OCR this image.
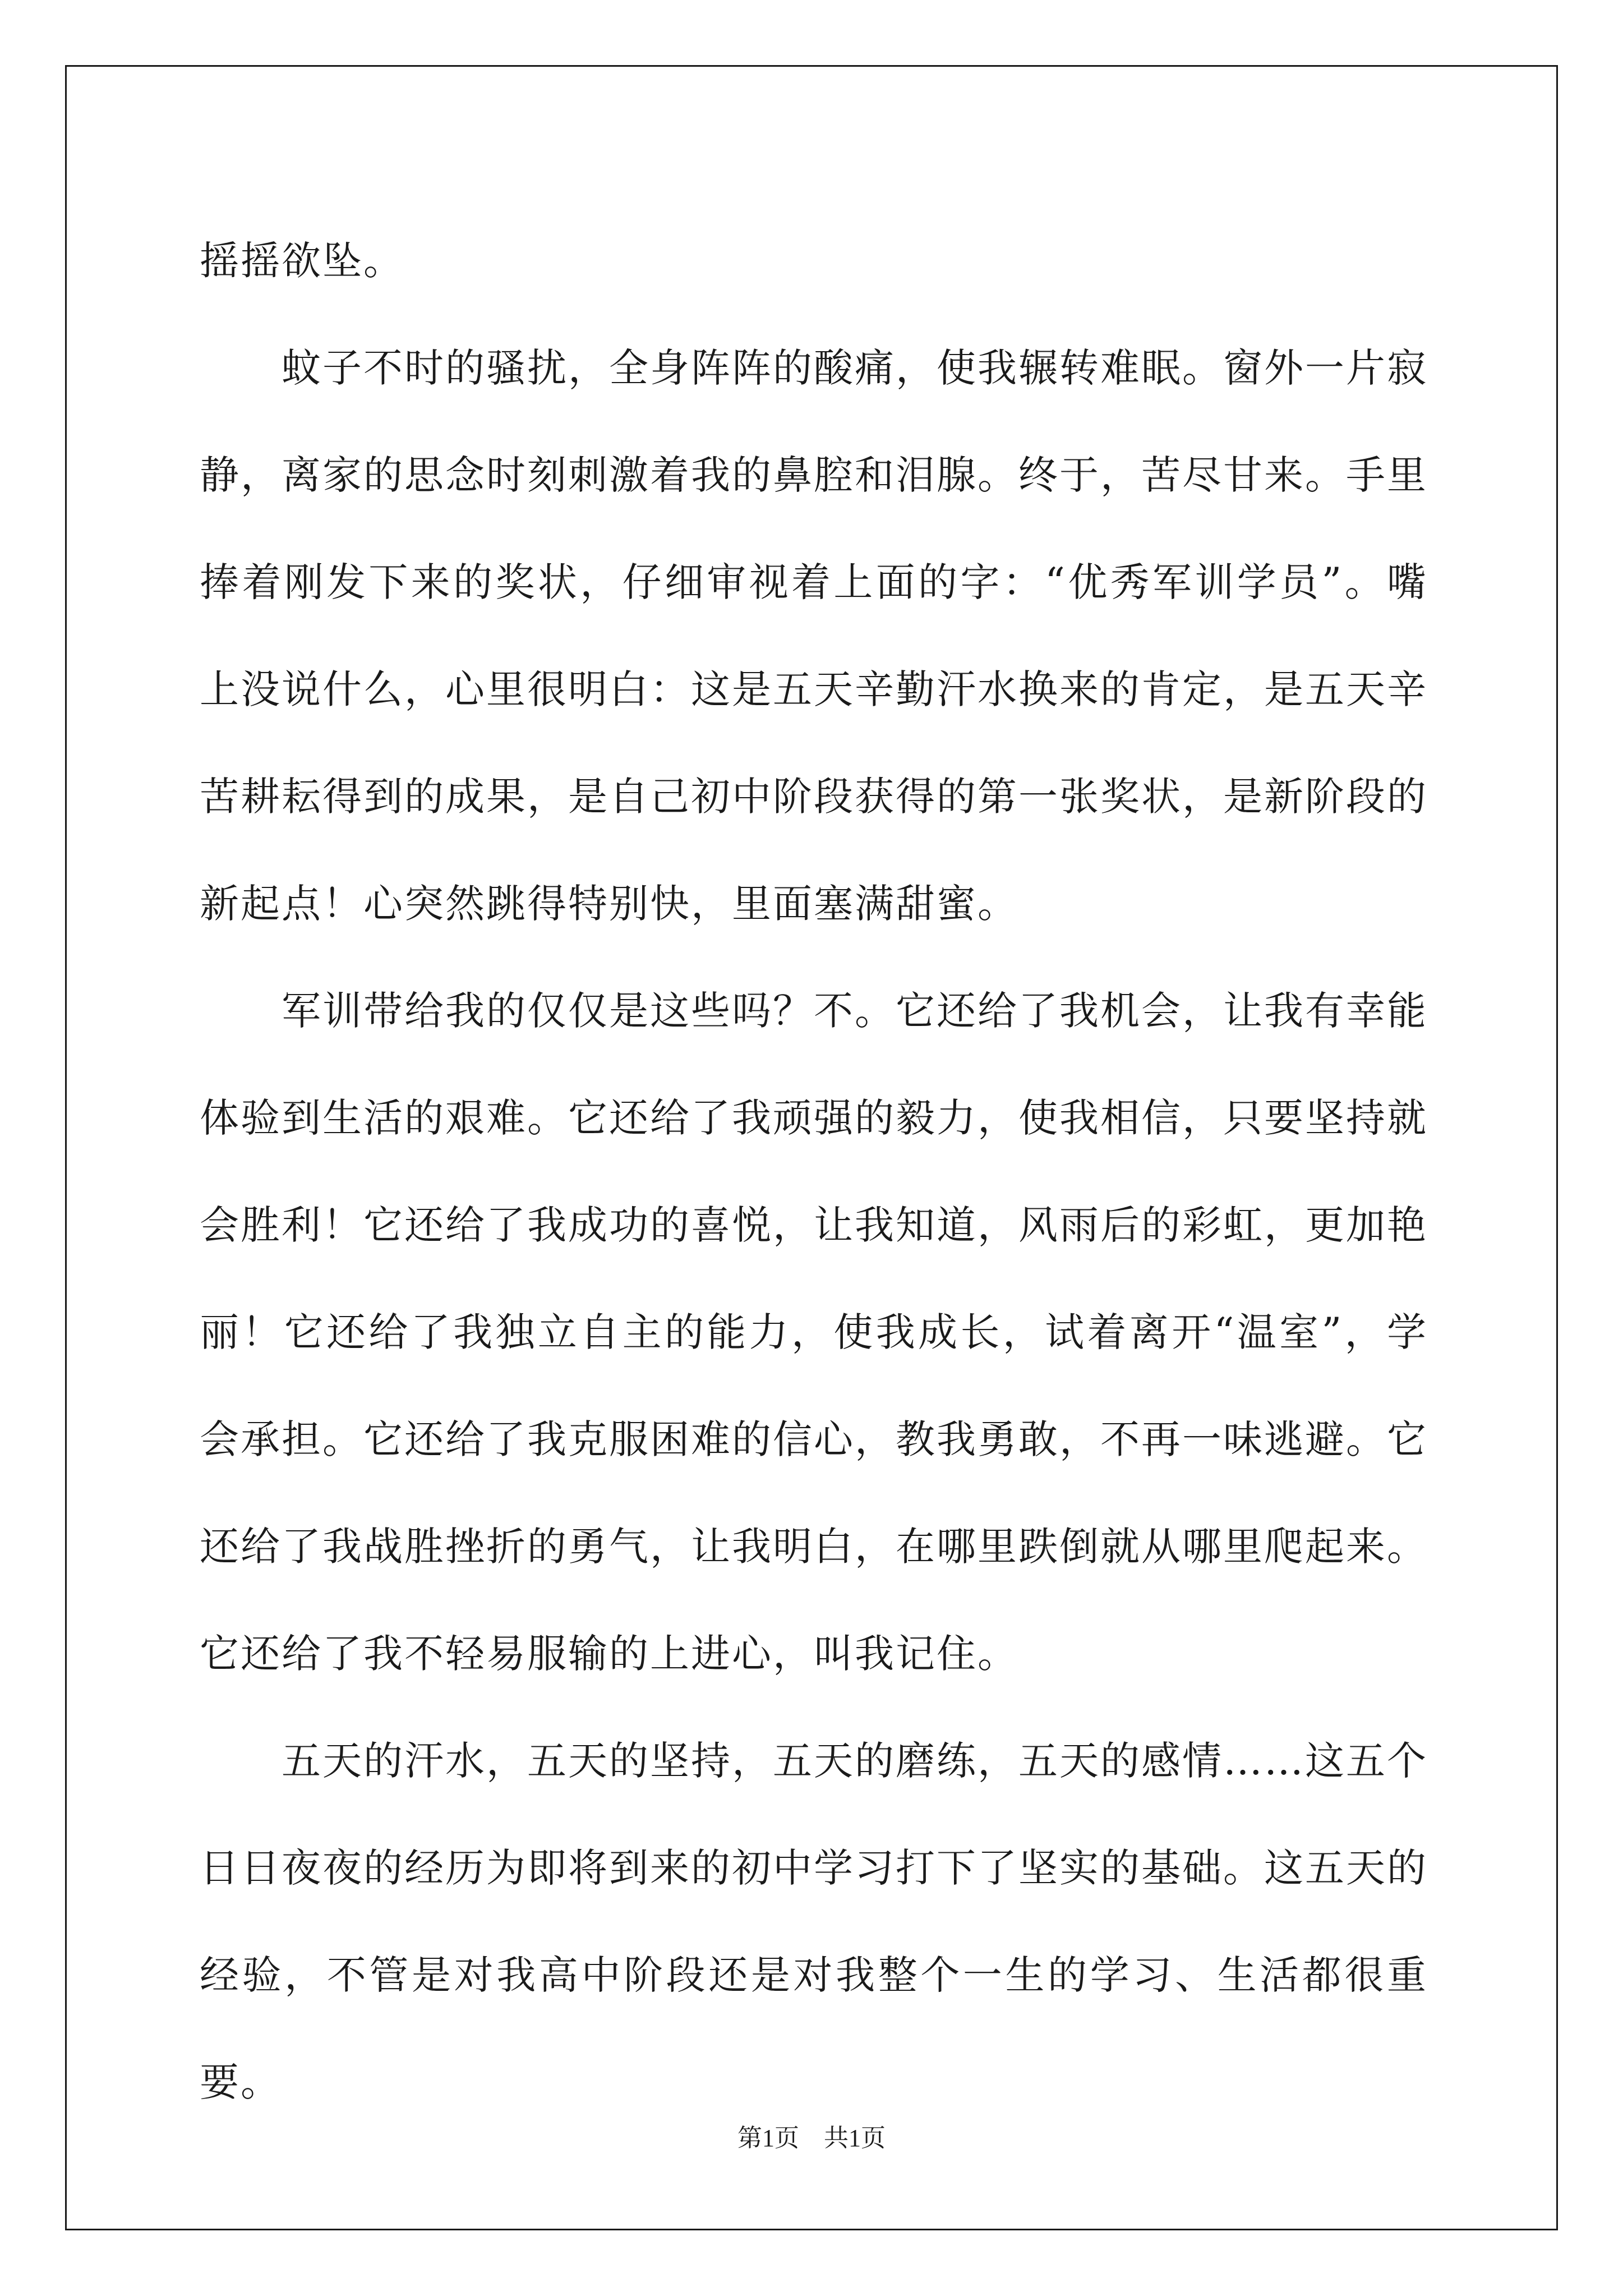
摇摇欲坠。

蚊子不时的骚扰，全身阵阵的酸痛，使我辗转难眠。窗外一片寂静，离家的思念时刻刺激着我的鼻腔和泪腺。终于，苦尽甘来。手里捧着刚发下来的奖状，仔细审视着上面的字：“优秀军训学员”。嘴上没说什么，心里很明白：这是五天辛勤汗水换来的肯定，是五天辛苦耕耘得到的成果，是自己初中阶段获得的第一张奖状，是新阶段的新起点！心突然跳得特别快，里面塞满甜蜜。

军训带给我的仅仅是这些吗？不。它还给了我机会，让我有幸能体验到生活的艰难。它还给了我顽强的毅力，使我相信，只要坚持就会胜利！它还给了我成功的喜悦，让我知道，风雨后的彩虹，更加艳丽！它还给了我独立自主的能力，使我成长，试着离开“温室”，学会承担。它还给了我克服困难的信心，教我勇敢，不再一味逃避。它还给了我战胜挫折的勇气，让我明白，在哪里跌倒就从哪里爬起来。它还给了我不轻易服输的上进心，叫我记住。

五天的汗水，五天的坚持，五天的磨练，五天的感情……这五个日日夜夜的经历为即将到来的初中学习打下了坚实的基础。这五天的经验，不管是对我高中阶段还是对我整个一生的学习、生活都很重要。

第1页 共1页
